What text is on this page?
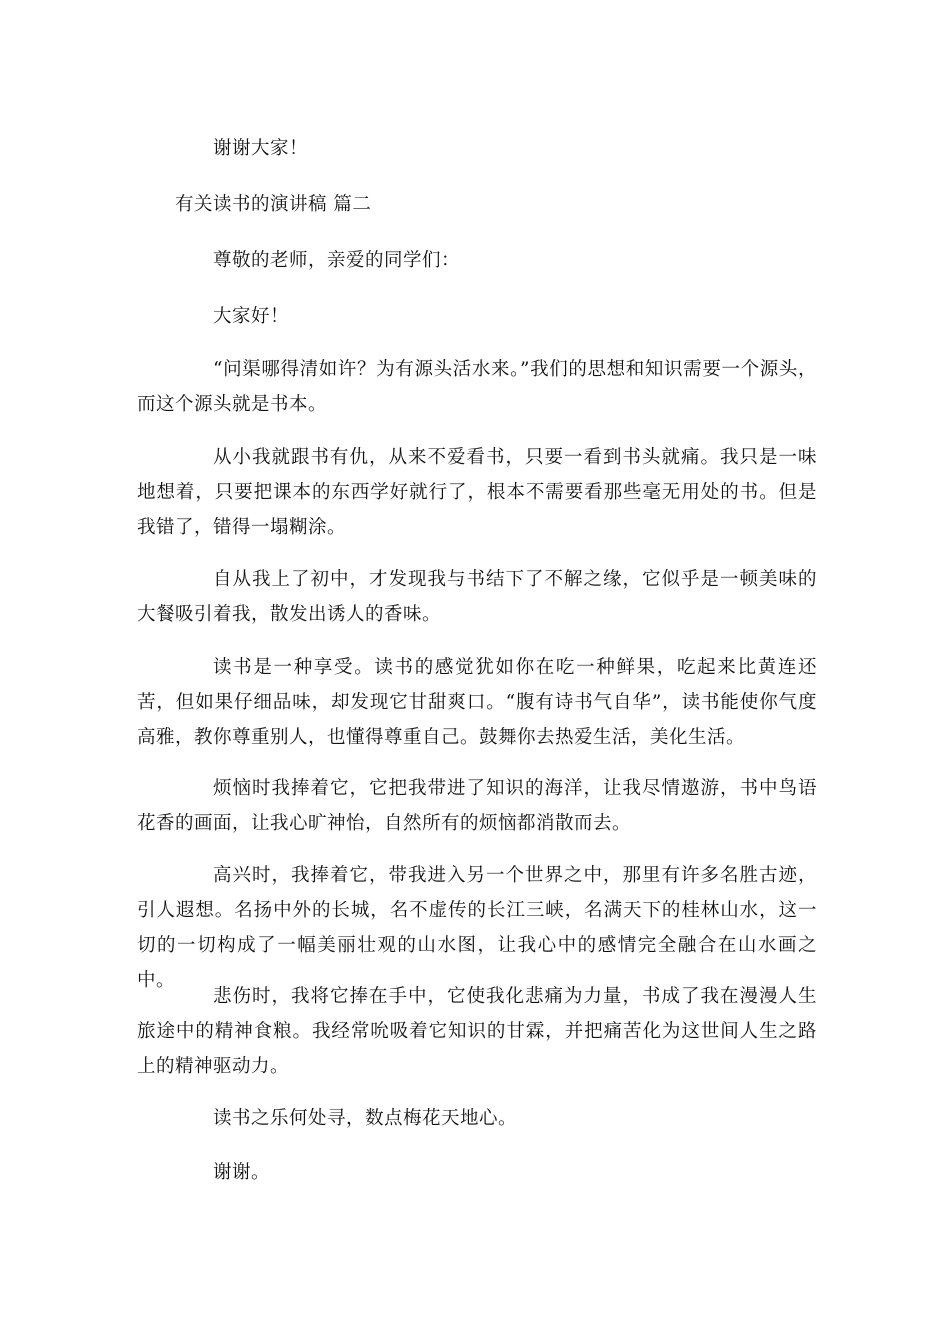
谢谢大家！

有关读书的演讲稿 篇二

尊敬的老师，亲爱的同学们：

大家好！

“问渠哪得清如许？为有源头活水来。”我们的思想和知识需要一个源头，而这个源头就是书本。

从小我就跟书有仇，从来不爱看书，只要一看到书头就痛。我只是一味地想着，只要把课本的东西学好就行了，根本不需要看那些毫无用处的书。但是我错了，错得一塌糊涂。

自从我上了初中，才发现我与书结下了不解之缘，它似乎是一顿美味的大餐吸引着我，散发出诱人的香味。

读书是一种享受。读书的感觉犹如你在吃一种鲜果，吃起来比黄连还苦，但如果仔细品味，却发现它甘甜爽口。“腹有诗书气自华”，读书能使你气度高雅，教你尊重别人，也懂得尊重自己。鼓舞你去热爱生活，美化生活。

烦恼时我捧着它，它把我带进了知识的海洋，让我尽情遨游，书中鸟语花香的画面，让我心旷神怡，自然所有的烦恼都消散而去。

高兴时，我捧着它，带我进入另一个世界之中，那里有许多名胜古迹，引人遐想。名扬中外的长城，名不虚传的长江三峡，名满天下的桂林山水，这一切的一切构成了一幅美丽壮观的山水图，让我心中的感情完全融合在山水画之中。

悲伤时，我将它捧在手中，它使我化悲痛为力量，书成了我在漫漫人生旅途中的精神食粮。我经常吮吸着它知识的甘霖，并把痛苦化为这世间人生之路上的精神驱动力。

读书之乐何处寻，数点梅花天地心。

谢谢。
